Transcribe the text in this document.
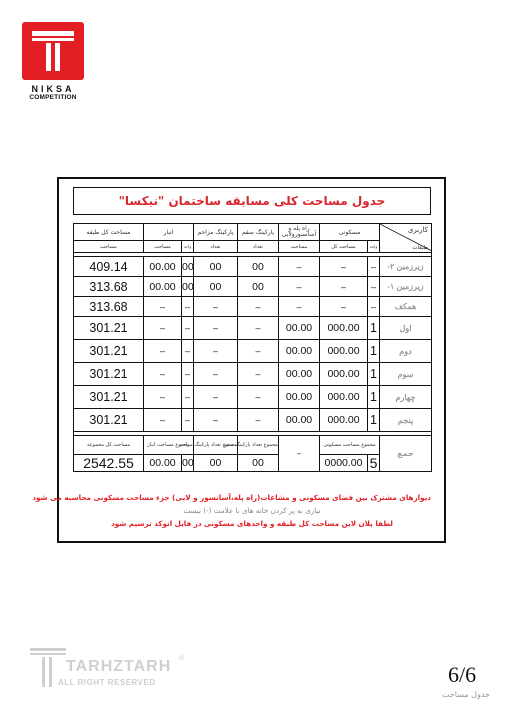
NIKSA
COMPETITION
جدول مساحت کلی مسابقه ساختمان "نیکسا"
مساحت کل طبقه	انبار		پارکینگ مزاحم	پارکینگ سقم	راه پله و آسانسورولابی	مسکونی		کاربری
طبقات

مساحت	مساحت	واحد	تعداد	تعداد	مساحت	مساحت کل	واحد	

409.14	00.00	00	00	00	–	–	–	زیرزمین ۲-
313.68	00.00	00	00	00	–	–	–	زیرزمین ۱-
313.68	–	–	–	–	–	–	–	همکف
301.21	–	–	–	–	00.00	000.00	1	اول
301.21	–	–	–	–	00.00	000.00	1	دوم
301.21	–	–	–	–	00.00	000.00	1	سوم
301.21	–	–	–	–	00.00	000.00	1	چهارم
301.21	–	–	–	–	00.00	000.00	1	پنجم

مساحت کل مجموعه	مجموع مساحت انبار		مجموع تعداد پارکینگ مزاحم	مجموع تعداد پارکینگ سقم	–	مجموع مساحت مسکونی		جمع
2542.55	00.00	00	00	00		0000.00	5	
دیوارهای مشترک بین فضای مسکونی و مشاعات(راه پله،آسانسور و لابی) جزء مساحت مسکونی محاسبه می شود
نیازی به پر کردن خانه های با علامت (-) نیست
لطفا پلان لاین مساحت کل طبقه و واحدهای مسکونی در فایل اتوکد ترسیم شود
TARHZTARH
ALL RIGHT RESERVED
®
6/6
جدول مساحت
